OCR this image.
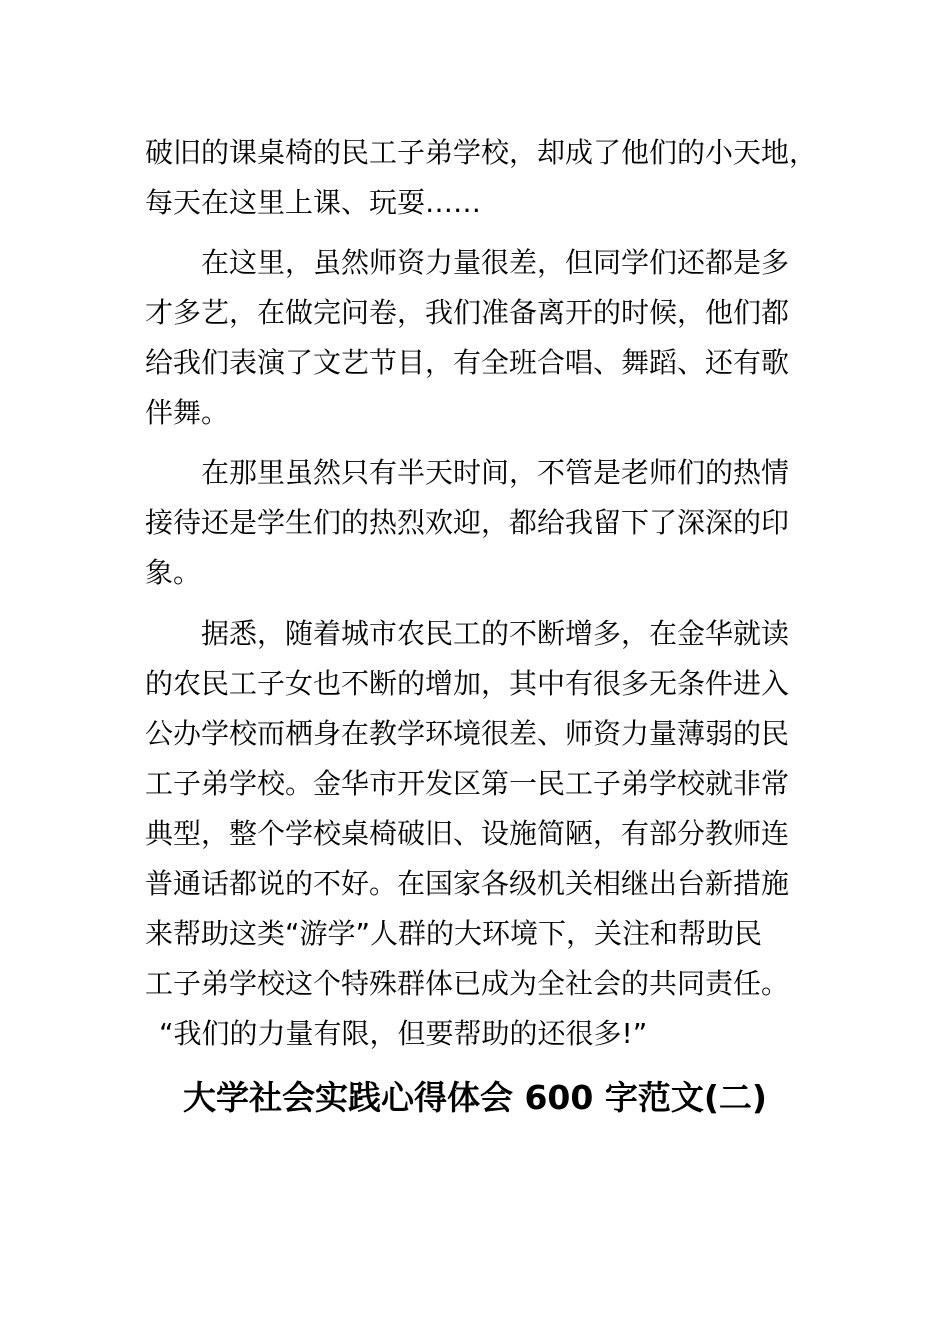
破旧的课桌椅的民工子弟学校，却成了他们的小天地，
每天在这里上课、玩耍……
在这里，虽然师资力量很差，但同学们还都是多
才多艺，在做完问卷，我们准备离开的时候，他们都
给我们表演了文艺节目，有全班合唱、舞蹈、还有歌
伴舞。
在那里虽然只有半天时间，不管是老师们的热情
接待还是学生们的热烈欢迎，都给我留下了深深的印
象。
据悉，随着城市农民工的不断增多，在金华就读
的农民工子女也不断的增加，其中有很多无条件进入
公办学校而栖身在教学环境很差、师资力量薄弱的民
工子弟学校。金华市开发区第一民工子弟学校就非常
典型，整个学校桌椅破旧、设施简陋，有部分教师连
普通话都说的不好。在国家各级机关相继出台新措施
来帮助这类“游学”人群的大环境下，关注和帮助民
工子弟学校这个特殊群体已成为全社会的共同责任。
“我们的力量有限，但要帮助的还很多!”
大学社会实践心得体会 600 字范文(二)
